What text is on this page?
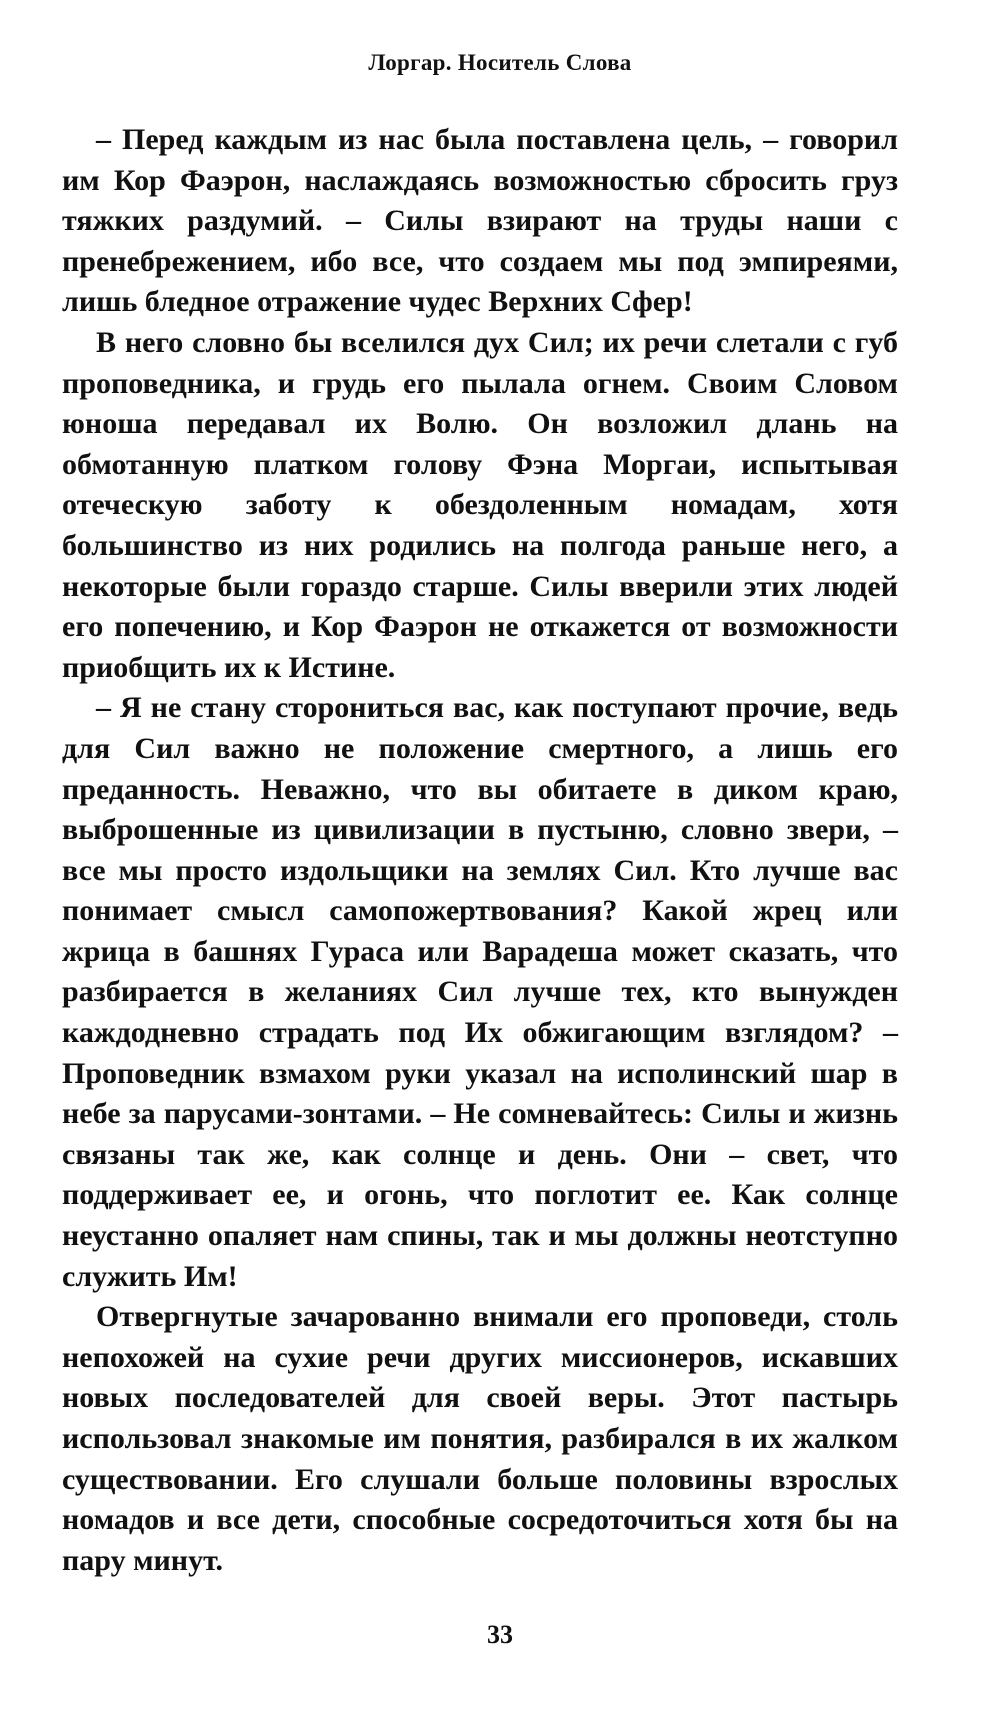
Лоргар. Носитель Слова

– Перед каждым из нас была поставлена цель, – говорил им Кор Фаэрон, наслаждаясь возможностью сбросить груз тяжких раздумий. – Силы взирают на труды наши с пренебрежением, ибо все, что создаем мы под эмпиреями, лишь бледное отражение чудес Верхних Сфер!

В него словно бы вселился дух Сил; их речи слетали с губ проповедника, и грудь его пылала огнем. Своим Словом юноша передавал их Волю. Он возложил длань на обмотанную платком голову Фэна Моргаи, испытывая отеческую заботу к обездоленным номадам, хотя большинство из них родились на полгода раньше него, а некоторые были гораздо старше. Силы вверили этих людей его попечению, и Кор Фаэрон не откажется от возможности приобщить их к Истине.

– Я не стану сторониться вас, как поступают прочие, ведь для Сил важно не положение смертного, а лишь его преданность. Неважно, что вы обитаете в диком краю, выброшенные из цивилизации в пустыню, словно звери, – все мы просто издольщики на землях Сил. Кто лучше вас понимает смысл самопожертвования? Какой жрец или жрица в башнях Гураса или Варадеша может сказать, что разбирается в желаниях Сил лучше тех, кто вынужден каждодневно страдать под Их обжигающим взглядом? – Проповедник взмахом руки указал на исполинский шар в небе за парусами-зонтами. – Не сомневайтесь: Силы и жизнь связаны так же, как солнце и день. Они – свет, что поддерживает ее, и огонь, что поглотит ее. Как солнце неустанно опаляет нам спины, так и мы должны неотступно служить Им!

Отвергнутые зачарованно внимали его проповеди, столь непохожей на сухие речи других миссионеров, искавших новых последователей для своей веры. Этот пастырь использовал знакомые им понятия, разбирался в их жалком существовании. Его слушали больше половины взрослых номадов и все дети, способные сосредоточиться хотя бы на пару минут.

33
